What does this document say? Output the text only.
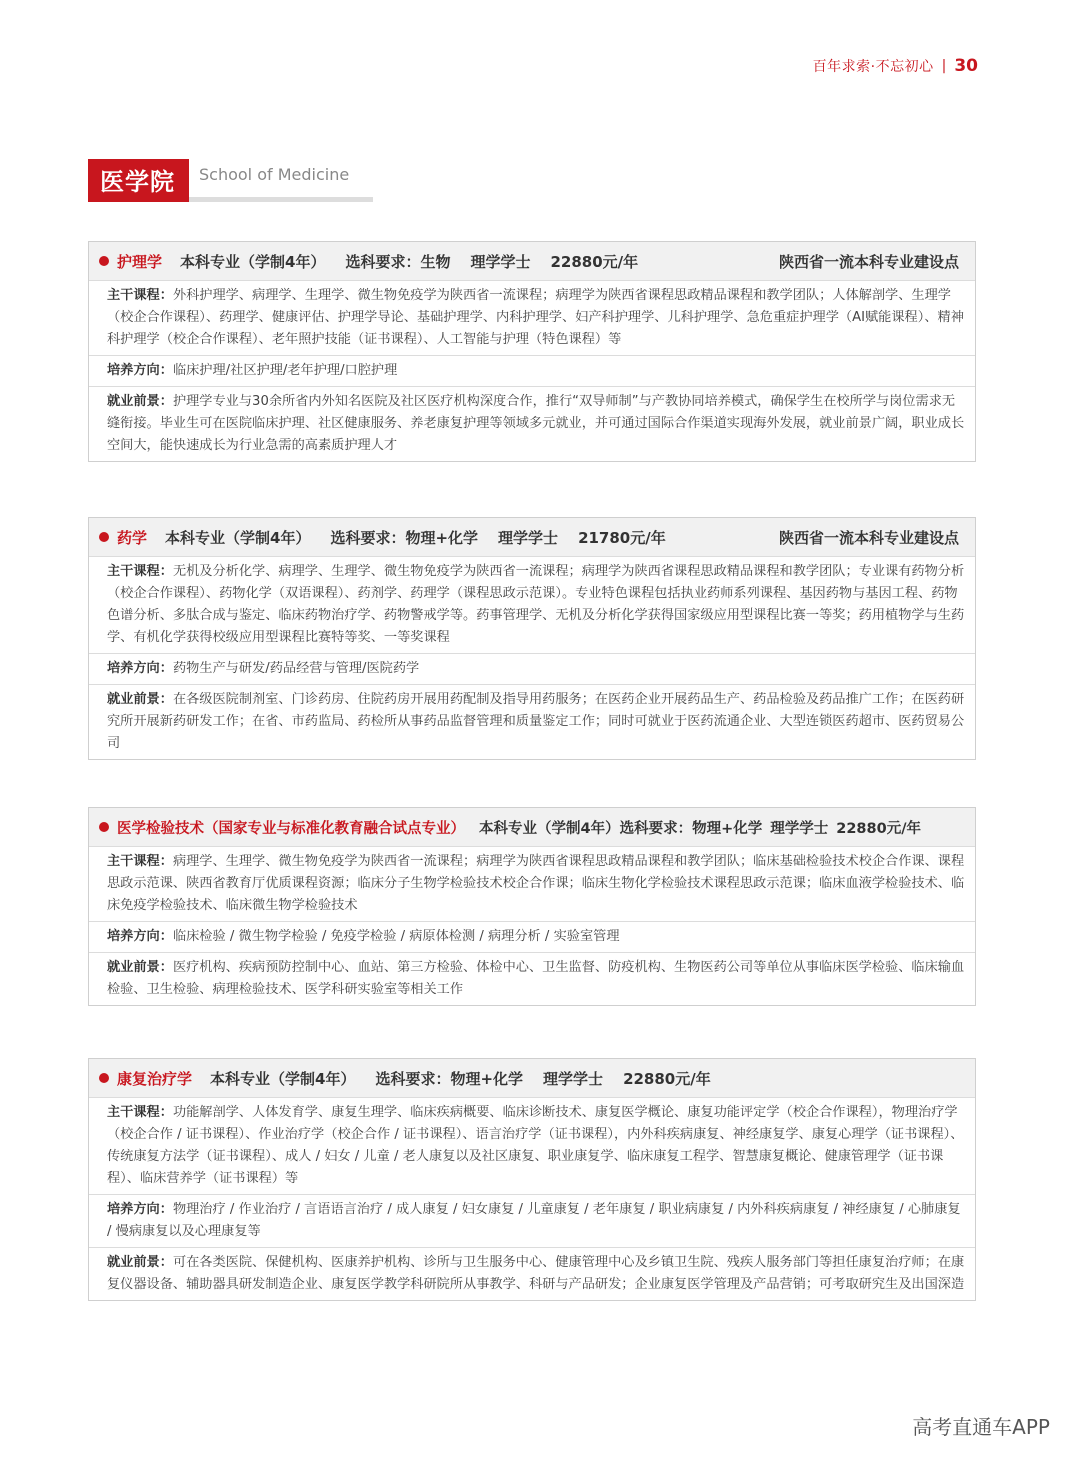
百年求索·不忘初心 | 30
医学院	School of Medicine
护理学 本科专业（学制4年） 选科要求：生物 理学学士 22880元/年	陕西省一流本科专业建设点
主干课程：外科护理学、病理学、生理学、微生物免疫学为陕西省一流课程；病理学为陕西省课程思政精品课程和教学团队；人体解剖学、生理学（校企合作课程）、药理学、健康评估、护理学导论、基础护理学、内科护理学、妇产科护理学、儿科护理学、急危重症护理学（AI赋能课程）、精神科护理学（校企合作课程）、老年照护技能（证书课程）、人工智能与护理（特色课程）等
培养方向：临床护理/社区护理/老年护理/口腔护理
就业前景：护理学专业与30余所省内外知名医院及社区医疗机构深度合作，推行“双导师制”与产教协同培养模式，确保学生在校所学与岗位需求无缝衔接。毕业生可在医院临床护理、社区健康服务、养老康复护理等领域多元就业，并可通过国际合作渠道实现海外发展，就业前景广阔，职业成长空间大，能快速成长为行业急需的高素质护理人才
药学 本科专业（学制4年） 选科要求：物理+化学 理学学士 21780元/年	陕西省一流本科专业建设点
主干课程：无机及分析化学、病理学、生理学、微生物免疫学为陕西省一流课程；病理学为陕西省课程思政精品课程和教学团队；专业课有药物分析（校企合作课程）、药物化学（双语课程）、药剂学、药理学（课程思政示范课）。专业特色课程包括执业药师系列课程、基因药物与基因工程、药物色谱分析、多肽合成与鉴定、临床药物治疗学、药物警戒学等。药事管理学、无机及分析化学获得国家级应用型课程比赛一等奖；药用植物学与生药学、有机化学获得校级应用型课程比赛特等奖、一等奖课程
培养方向：药物生产与研发/药品经营与管理/医院药学
就业前景：在各级医院制剂室、门诊药房、住院药房开展用药配制及指导用药服务；在医药企业开展药品生产、药品检验及药品推广工作；在医药研究所开展新药研发工作；在省、市药监局、药检所从事药品监督管理和质量鉴定工作；同时可就业于医药流通企业、大型连锁医药超市、医药贸易公司
医学检验技术（国家专业与标准化教育融合试点专业） 本科专业（学制4年） 选科要求：物理+化学 理学学士 22880元/年
主干课程：病理学、生理学、微生物免疫学为陕西省一流课程；病理学为陕西省课程思政精品课程和教学团队；临床基础检验技术校企合作课、课程思政示范课、陕西省教育厅优质课程资源；临床分子生物学检验技术校企合作课；临床生物化学检验技术课程思政示范课；临床血液学检验技术、临床免疫学检验技术、临床微生物学检验技术
培养方向：临床检验 / 微生物学检验 / 免疫学检验 / 病原体检测 / 病理分析 / 实验室管理
就业前景：医疗机构、疾病预防控制中心、血站、第三方检验、体检中心、卫生监督、防疫机构、生物医药公司等单位从事临床医学检验、临床输血检验、卫生检验、病理检验技术、医学科研实验室等相关工作
康复治疗学 本科专业（学制4年） 选科要求：物理+化学 理学学士 22880元/年
主干课程：功能解剖学、人体发育学、康复生理学、临床疾病概要、临床诊断技术、康复医学概论、康复功能评定学（校企合作课程），物理治疗学（校企合作 / 证书课程）、作业治疗学（校企合作 / 证书课程）、语言治疗学（证书课程），内外科疾病康复、神经康复学、康复心理学（证书课程）、传统康复方法学（证书课程）、成人 / 妇女 / 儿童 / 老人康复以及社区康复、职业康复学、临床康复工程学、智慧康复概论、健康管理学（证书课程）、临床营养学（证书课程）等
培养方向：物理治疗 / 作业治疗 / 言语语言治疗 / 成人康复 / 妇女康复 / 儿童康复 / 老年康复 / 职业病康复 / 内外科疾病康复 / 神经康复 / 心肺康复 / 慢病康复以及心理康复等
就业前景：可在各类医院、保健机构、医康养护机构、诊所与卫生服务中心、健康管理中心及乡镇卫生院、残疾人服务部门等担任康复治疗师；在康复仪器设备、辅助器具研发制造企业、康复医学教学科研院所从事教学、科研与产品研发；企业康复医学管理及产品营销；可考取研究生及出国深造
高考直通车APP
